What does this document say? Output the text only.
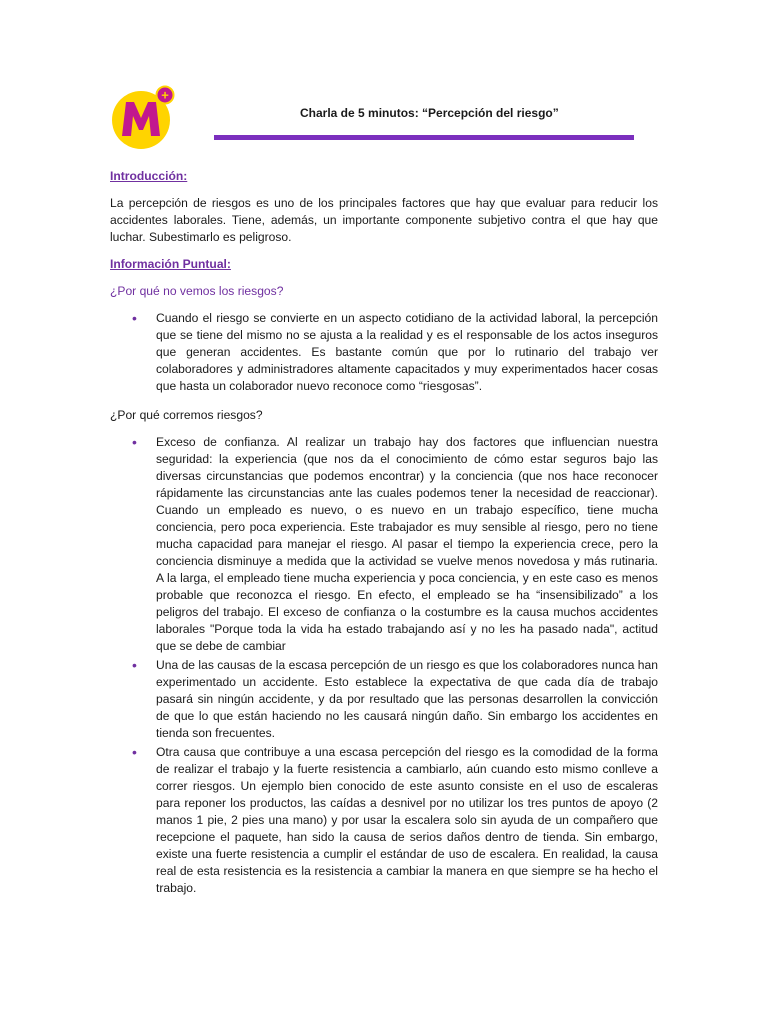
+
Charla de 5 minutos: “Percepción del riesgo”
Introducción:

La percepción de riesgos es uno de los principales factores que hay que evaluar para reducir los accidentes laborales. Tiene, además, un importante componente subjetivo contra el que hay que luchar. Subestimarlo es peligroso.

Información Puntual:
¿Por qué no vemos los riesgos?
• Cuando el riesgo se convierte en un aspecto cotidiano de la actividad laboral, la percepción que se tiene del mismo no se ajusta a la realidad y es el responsable de los actos inseguros que generan accidentes. Es bastante común que por lo rutinario del trabajo ver colaboradores y administradores altamente capacitados y muy experimentados hacer cosas que hasta un colaborador nuevo reconoce como “riesgosas”.
¿Por qué corremos riesgos?
• Exceso de confianza. Al realizar un trabajo hay dos factores que influencian nuestra seguridad: la experiencia (que nos da el conocimiento de cómo estar seguros bajo las diversas circunstancias que podemos encontrar) y la conciencia (que nos hace reconocer rápidamente las circunstancias ante las cuales podemos tener la necesidad de reaccionar). Cuando un empleado es nuevo, o es nuevo en un trabajo específico, tiene mucha conciencia, pero poca experiencia. Este trabajador es muy sensible al riesgo, pero no tiene mucha capacidad para manejar el riesgo. Al pasar el tiempo la experiencia crece, pero la conciencia disminuye a medida que la actividad se vuelve menos novedosa y más rutinaria. A la larga, el empleado tiene mucha experiencia y poca conciencia, y en este caso es menos probable que reconozca el riesgo. En efecto, el empleado se ha “insensibilizado” a los peligros del trabajo. El exceso de confianza o la costumbre es la causa muchos accidentes laborales "Porque toda la vida ha estado trabajando así y no les ha pasado nada", actitud que se debe de cambiar
• Una de las causas de la escasa percepción de un riesgo es que los colaboradores nunca han experimentado un accidente. Esto establece la expectativa de que cada día de trabajo pasará sin ningún accidente, y da por resultado que las personas desarrollen la convicción de que lo que están haciendo no les causará ningún daño. Sin embargo los accidentes en tienda son frecuentes.
• Otra causa que contribuye a una escasa percepción del riesgo es la comodidad de la forma de realizar el trabajo y la fuerte resistencia a cambiarlo, aún cuando esto mismo conlleve a correr riesgos. Un ejemplo bien conocido de este asunto consiste en el uso de escaleras para reponer los productos, las caídas a desnivel por no utilizar los tres puntos de apoyo (2 manos 1 pie, 2 pies una mano) y por usar la escalera solo sin ayuda de un compañero que recepcione el paquete, han sido la causa de serios daños dentro de tienda. Sin embargo, existe una fuerte resistencia a cumplir el estándar de uso de escalera. En realidad, la causa real de esta resistencia es la resistencia a cambiar la manera en que siempre se ha hecho el trabajo.
